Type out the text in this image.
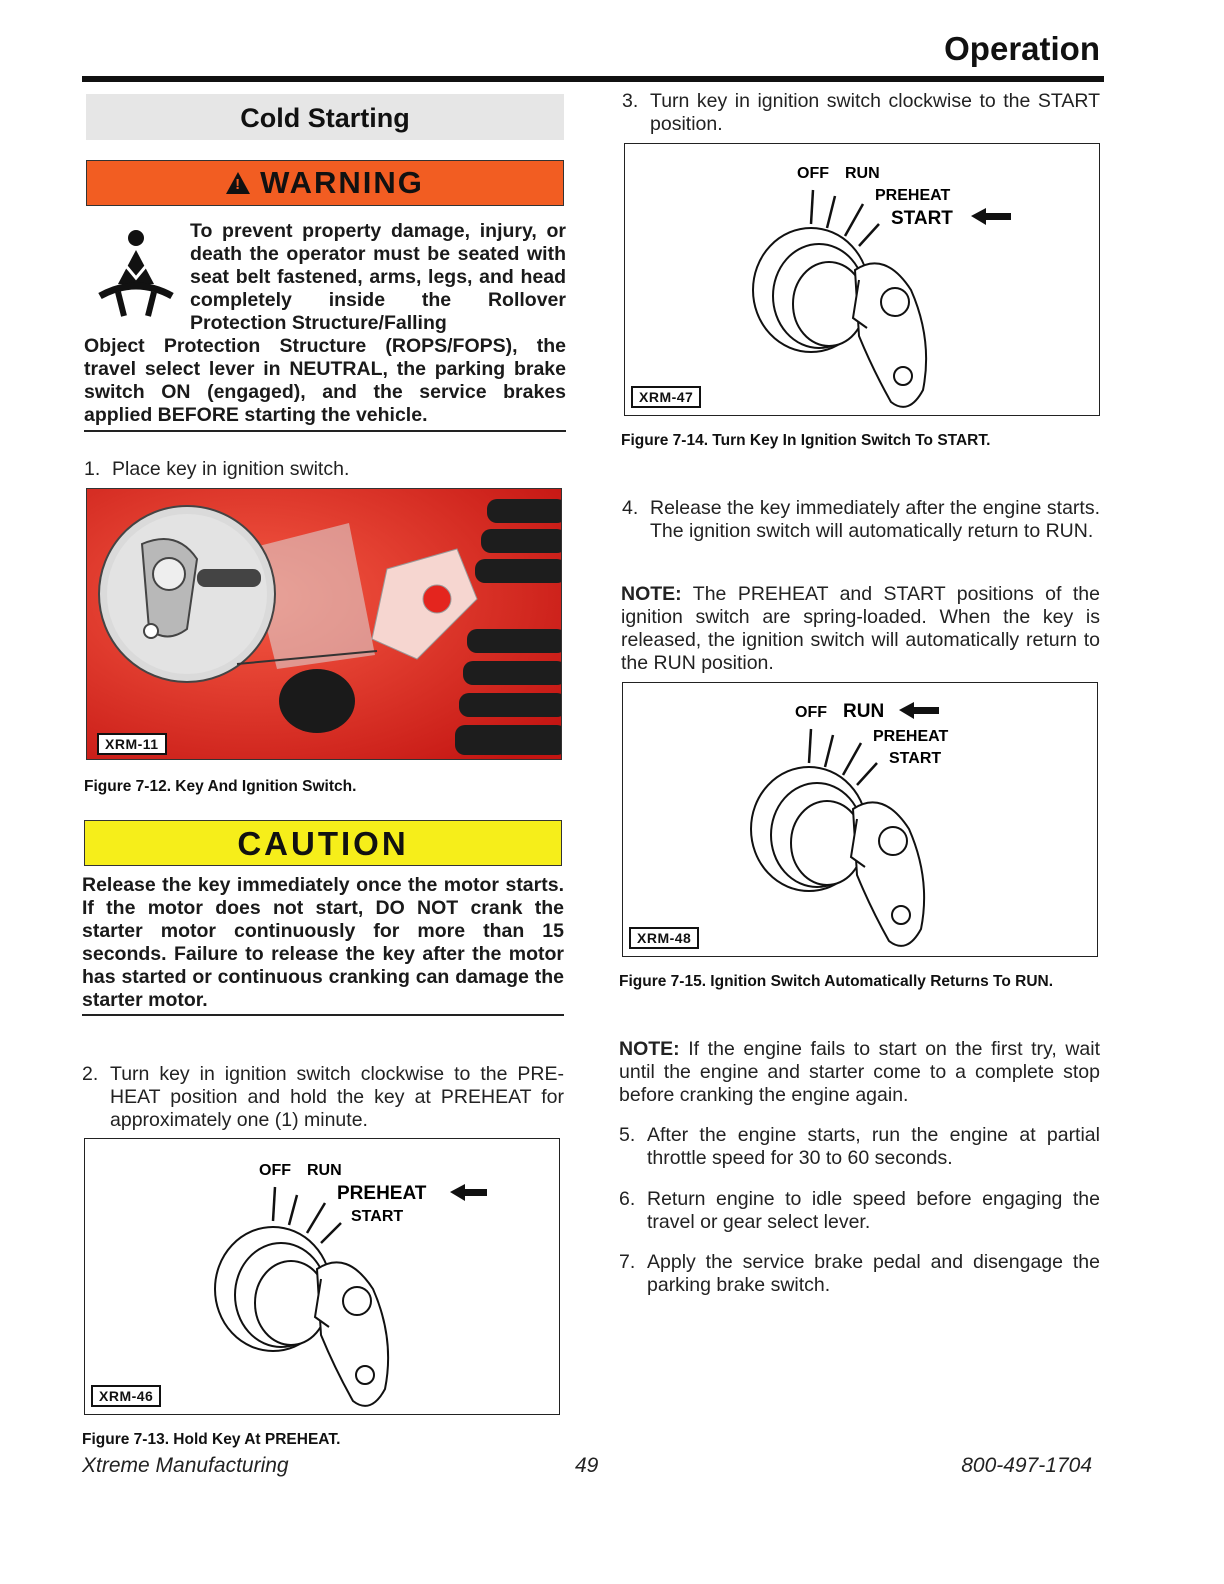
Operation
Cold Starting
!
WARNING
To prevent property damage, injury, or death the operator must be seated with seat belt fastened, arms, legs, and head completely inside the Rollover Protection Structure/Falling
Object Protection Structure (ROPS/FOPS), the travel select lever in NEUTRAL, the parking brake switch ON (engaged), and the service brakes applied BEFORE starting the vehicle.
1. Place key in ignition switch.
XRM-11
Figure 7-12. Key And Ignition Switch.
CAUTION
Release the key immediately once the motor starts. If the motor does not start, DO NOT crank the starter motor continuously for more than 15 seconds. Failure to release the key after the motor has started or continuous cranking can damage the starter motor.
2. Turn key in ignition switch clockwise to the PRE-HEAT position and hold the key at PREHEAT for approximately one (1) minute.
OFF RUN
PREHEAT
START
XRM-46
Figure 7-13. Hold Key At PREHEAT.
3. Turn key in ignition switch clockwise to the START position.
OFF RUN
PREHEAT
START
XRM-47
Figure 7-14. Turn Key In Ignition Switch To START.
4. Release the key immediately after the engine starts. The ignition switch will automatically return to RUN.
NOTE: The PREHEAT and START positions of the ignition switch are spring-loaded. When the key is released, the ignition switch will automatically return to the RUN position.
OFF RUN
PREHEAT
START
XRM-48
Figure 7-15. Ignition Switch Automatically Returns To RUN.
NOTE: If the engine fails to start on the first try, wait until the engine and starter come to a complete stop before cranking the engine again.
5. After the engine starts, run the engine at partial throttle speed for 30 to 60 seconds.
6. Return engine to idle speed before engaging the travel or gear select lever.
7. Apply the service brake pedal and disengage the parking brake switch.
Xtreme Manufacturing	49	800-497-1704
